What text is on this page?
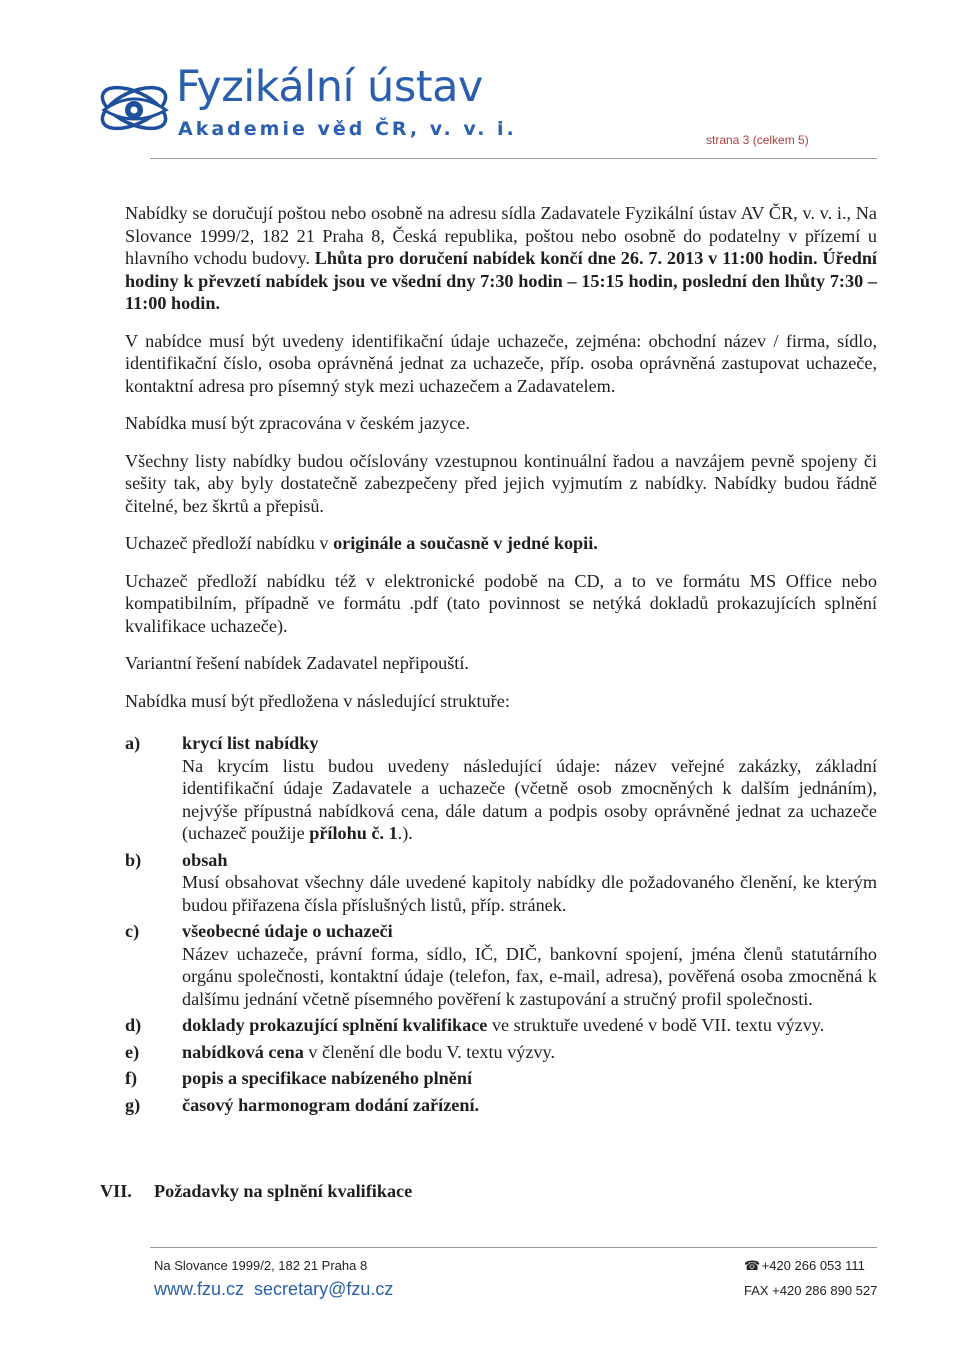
Fyzikální ústav
Akademie věd ČR, v. v. i.	strana 3 (celkem 5)

Nabídky se doručují poštou nebo osobně na adresu sídla Zadavatele Fyzikální ústav AV ČR, v. v. i., Na Slovance 1999/2, 182 21 Praha 8, Česká republika, poštou nebo osobně do podatelny v přízemí u hlavního vchodu budovy. Lhůta pro doručení nabídek končí dne 26. 7. 2013 v 11:00 hodin. Úřední hodiny k převzetí nabídek jsou ve všední dny 7:30 hodin – 15:15 hodin, poslední den lhůty 7:30 – 11:00 hodin.

V nabídce musí být uvedeny identifikační údaje uchazeče, zejména: obchodní název / firma, sídlo, identifikační číslo, osoba oprávněná jednat za uchazeče, příp. osoba oprávněná zastupovat uchazeče, kontaktní adresa pro písemný styk mezi uchazečem a Zadavatelem.

Nabídka musí být zpracována v českém jazyce.

Všechny listy nabídky budou očíslovány vzestupnou kontinuální řadou a navzájem pevně spojeny či sešity tak, aby byly dostatečně zabezpečeny před jejich vyjmutím z nabídky. Nabídky budou řádně čitelné, bez škrtů a přepisů.

Uchazeč předloží nabídku v originále a současně v jedné kopii.

Uchazeč předloží nabídku též v elektronické podobě na CD, a to ve formátu MS Office nebo kompatibilním, případně ve formátu .pdf (tato povinnost se netýká dokladů prokazujících splnění kvalifikace uchazeče).

Variantní řešení nabídek Zadavatel nepřipouští.

Nabídka musí být předložena v následující struktuře:

a) krycí list nabídky
Na krycím listu budou uvedeny následující údaje: název veřejné zakázky, základní identifikační údaje Zadavatele a uchazeče (včetně osob zmocněných k dalším jednáním), nejvýše přípustná nabídková cena, dále datum a podpis osoby oprávněné jednat za uchazeče (uchazeč použije přílohu č. 1.).
b) obsah
Musí obsahovat všechny dále uvedené kapitoly nabídky dle požadovaného členění, ke kterým budou přiřazena čísla příslušných listů, příp. stránek.
c) všeobecné údaje o uchazeči
Název uchazeče, právní forma, sídlo, IČ, DIČ, bankovní spojení, jména členů statutárního orgánu společnosti, kontaktní údaje (telefon, fax, e-mail, adresa), pověřená osoba zmocněná k dalšímu jednání včetně písemného pověření k zastupování a stručný profil společnosti.
d) doklady prokazující splnění kvalifikace ve struktuře uvedené v bodě VII. textu výzvy.
e) nabídková cena v členění dle bodu V. textu výzvy.
f) popis a specifikace nabízeného plnění
g) časový harmonogram dodání zařízení.
VII. Požadavky na splnění kvalifikace
Na Slovance 1999/2, 182 21 Praha 8
www.fzu.cz secretary@fzu.cz
☎ +420 266 053 111
FAX +420 286 890 527
